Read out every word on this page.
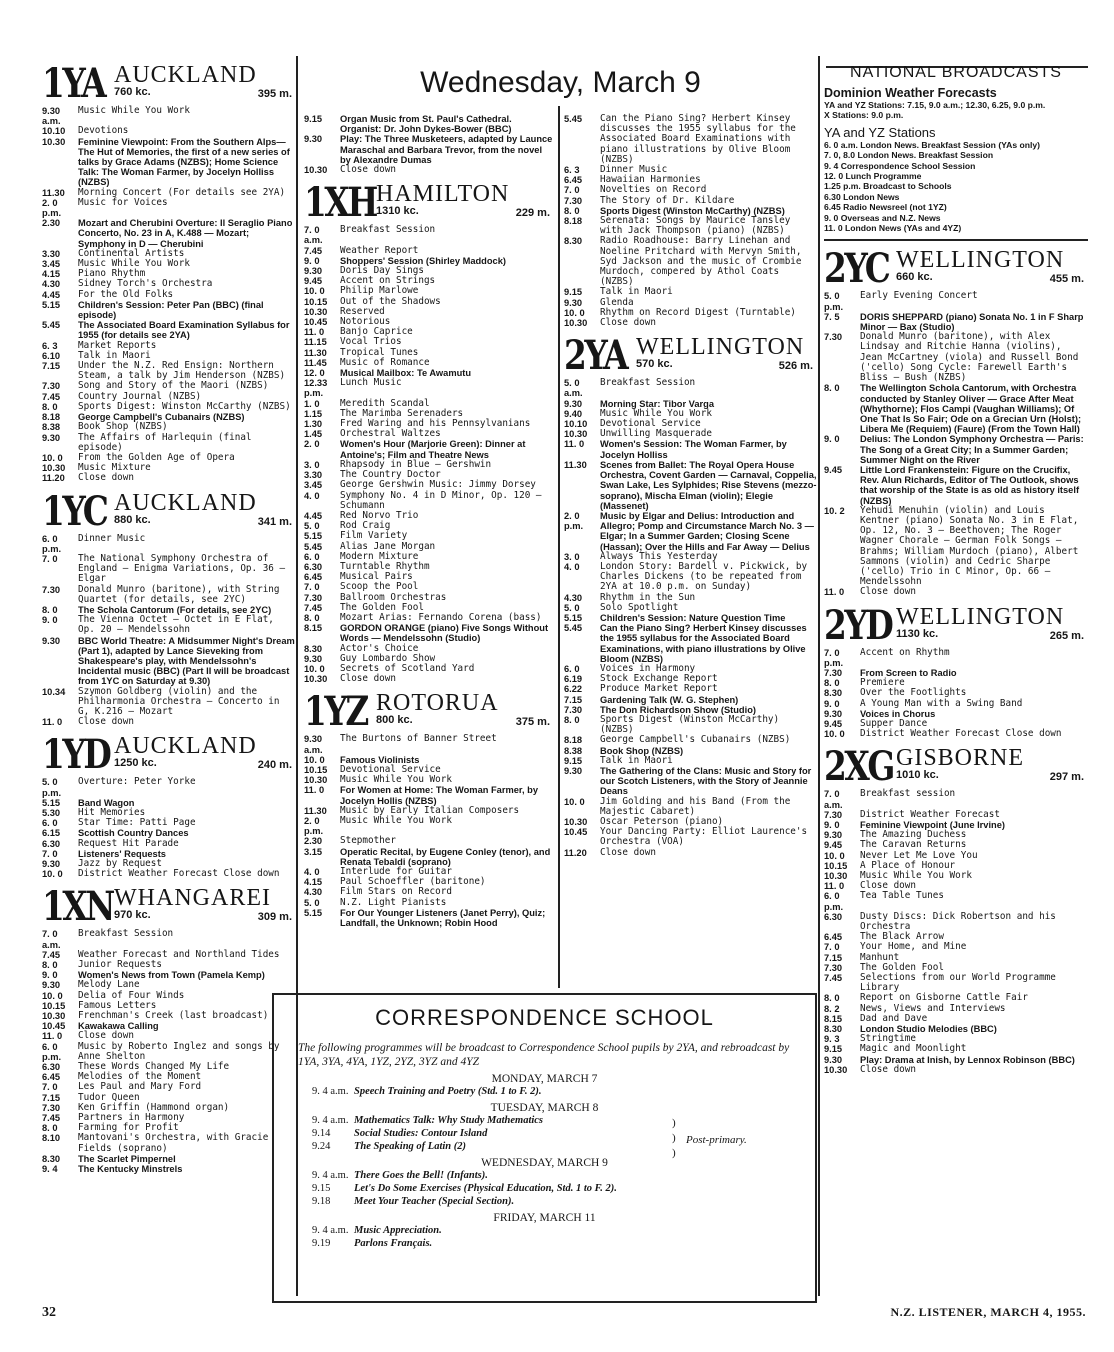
1YA AUCKLAND
760 kc.	395 m.
9.30 a.m.
Music While You Work
10.10	Devotions
10.30	Feminine Viewpoint: From the Southern Alps—The Hut of Memories, the first of a new series of talks by Grace Adams (NZBS); Home Science Talk: The Woman Farmer, by Jocelyn Holliss (NZBS)
11.30	Morning Concert (For details see 2YA)
2. 0 p.m.
Music for Voices
2.30	Mozart and Cherubini Overture: Il Seraglio Piano Concerto, No. 23 in A, K.488 — Mozart; Symphony in D — Cherubini
3.30	Continental Artists
3.45	Music While You Work
4.15	Piano Rhythm
4.30	Sidney Torch's Orchestra
4.45	For the Old Folks
5.15	Children's Session: Peter Pan (BBC) (final episode)
5.45	The Associated Board Examination Syllabus for 1955 (for details see 2YA)
6. 3	Market Reports
6.10	Talk in Maori
7.15	Under the N.Z. Red Ensign: Northern Steam, a talk by Jim Henderson (NZBS)
7.30	Song and Story of the Maori (NZBS)
7.45	Country Journal (NZBS)
8. 0	Sports Digest: Winston McCarthy (NZBS)
8.18	George Campbell's Cubanairs (NZBS)
8.38	Book Shop (NZBS)
9.30	The Affairs of Harlequin (final episode)
10. 0	From the Golden Age of Opera
10.30	Music Mixture
11.20	Close down
1YC AUCKLAND
880 kc.	341 m.
6. 0 p.m.
Dinner Music
7. 0	The National Symphony Orchestra of England — Enigma Variations, Op. 36 — Elgar
7.30	Donald Munro (baritone), with String Quartet (for details, see 2YC)
8. 0	The Schola Cantorum (For details, see 2YC)
9. 0	The Vienna Octet — Octet in E Flat, Op. 20 — Mendelssohn
9.30	BBC World Theatre: A Midsummer Night's Dream (Part 1), adapted by Lance Sieveking from Shakespeare's play, with Mendelssohn's Incidental music (BBC) (Part II will be broadcast from 1YC on Saturday at 9.30)
10.34	Szymon Goldberg (violin) and the Philharmonia Orchestra — Concerto in G, K.216 — Mozart
11. 0	Close down
1YD AUCKLAND
1250 kc.	240 m.
5. 0 p.m.
Overture: Peter Yorke
5.15	Band Wagon
5.30	Hit Memories
6. 0	Star Time: Patti Page
6.15	Scottish Country Dances
6.30	Request Hit Parade
7. 0	Listeners' Requests
9.30	Jazz by Request
10. 0	District Weather Forecast Close down
1XN WHANGAREI
970 kc.	309 m.
7. 0 a.m.
Breakfast Session
7.45	Weather Forecast and Northland Tides
8. 0	Junior Requests
9. 0	Women's News from Town (Pamela Kemp)
9.30	Melody Lane
10. 0	Delia of Four Winds
10.15	Famous Letters
10.30	Frenchman's Creek (last broadcast)
10.45	Kawakawa Calling
11. 0	Close down
6. 0 p.m.
Music by Roberto Inglez and songs by Anne Shelton
6.30	These Words Changed My Life
6.45	Melodies of the Moment
7. 0	Les Paul and Mary Ford
7.15	Tudor Queen
7.30	Ken Griffin (Hammond organ)
7.45	Partners in Harmony
8. 0	Farming for Profit
8.10	Mantovani's Orchestra, with Gracie Fields (soprano)
8.30	The Scarlet Pimpernel
9. 4	The Kentucky Minstrels
Wednesday, March 9
9.15	Organ Music from St. Paul's Cathedral. Organist: Dr. John Dykes-Bower (BBC)
9.30	Play: The Three Musketeers, adapted by Launce Maraschal and Barbara Trevor, from the novel by Alexandre Dumas
10.30	Close down
1XH HAMILTON
1310 kc.	229 m.
7. 0 a.m.
Breakfast Session
7.45	Weather Report
9. 0	Shoppers' Session (Shirley Maddock)
9.30	Doris Day Sings
9.45	Accent on Strings
10. 0	Philip Marlowe
10.15	Out of the Shadows
10.30	Reserved
10.45	Notorious
11. 0	Banjo Caprice
11.15	Vocal Trios
11.30	Tropical Tunes
11.45	Music of Romance
12. 0	Musical Mailbox: Te Awamutu
12.33 p.m.
Lunch Music
1. 0	Meredith Scandal
1.15	The Marimba Serenaders
1.30	Fred Waring and his Pennsylvanians
1.45	Orchestral Waltzes
2. 0	Women's Hour (Marjorie Green): Dinner at Antoine's; Film and Theatre News
3. 0	Rhapsody in Blue — Gershwin
3.30	The Country Doctor
3.45	George Gershwin Music: Jimmy Dorsey
4. 0	Symphony No. 4 in D Minor, Op. 120 — Schumann
4.45	Red Norvo Trio
5. 0	Rod Craig
5.15	Film Variety
5.45	Alias Jane Morgan
6. 0	Modern Mixture
6.30	Turntable Rhythm
6.45	Musical Pairs
7. 0	Scoop the Pool
7.30	Ballroom Orchestras
7.45	The Golden Fool
8. 0	Mozart Arias: Fernando Corena (bass)
8.15	GORDON ORANGE (piano) Five Songs Without Words — Mendelssohn (Studio)
8.30	Actor's Choice
9.30	Guy Lombardo Show
10. 0	Secrets of Scotland Yard
10.30	Close down
1YZ ROTORUA
800 kc.	375 m.
9.30 a.m.
The Burtons of Banner Street
10. 0	Famous Violinists
10.15	Devotional Service
10.30	Music While You Work
11. 0	For Women at Home: The Woman Farmer, by Jocelyn Hollis (NZBS)
11.30	Music by Early Italian Composers
2. 0 p.m.
Music While You Work
2.30	Stepmother
3.15	Operatic Recital, by Eugene Conley (tenor), and Renata Tebaldi (soprano)
4. 0	Interlude for Guitar
4.15	Paul Schoeffler (baritone)
4.30	Film Stars on Record
5. 0	N.Z. Light Pianists
5.15	For Our Younger Listeners (Janet Perry), Quiz; Landfall, the Unknown; Robin Hood
5.45	Can the Piano Sing? Herbert Kinsey discusses the 1955 syllabus for the Associated Board Examinations with piano illustrations by Olive Bloom (NZBS)
6. 3	Dinner Music
6.45	Hawaiian Harmonies
7. 0	Novelties on Record
7.30	The Story of Dr. Kildare
8. 0	Sports Digest (Winston McCarthy) (NZBS)
8.18	Serenata: Songs by Maurice Tansley with Jack Thompson (piano) (NZBS)
8.30	Radio Roadhouse: Barry Linehan and Noeline Pritchard with Mervyn Smith, Syd Jackson and the music of Crombie Murdoch, compered by Athol Coats (NZBS)
9.15	Talk in Maori
9.30	Glenda
10. 0	Rhythm on Record Digest (Turntable)
10.30	Close down
2YA WELLINGTON
570 kc.	526 m.
5. 0 a.m.
Breakfast Session
9.30	Morning Star: Tibor Varga
9.40	Music While You Work
10.10	Devotional Service
10.30	Unwilling Masquerade
11. 0	Women's Session: The Woman Farmer, by Jocelyn Holliss
11.30	Scenes from Ballet: The Royal Opera House Orchestra, Covent Garden — Carnaval, Coppelia, Swan Lake, Les Sylphides; Rise Stevens (mezzo-soprano), Mischa Elman (violin); Elegie (Massenet)
2. 0 p.m.
Music by Elgar and Delius: Introduction and Allegro; Pomp and Circumstance March No. 3 — Elgar; In a Summer Garden; Closing Scene (Hassan); Over the Hills and Far Away — Delius
3. 0	Always This Yesterday
4. 0	London Story: Bardell v. Pickwick, by Charles Dickens (to be repeated from 2YA at 10.0 p.m. on Sunday)
4.30	Rhythm in the Sun
5. 0	Solo Spotlight
5.15	Children's Session: Nature Question Time
5.45	Can the Piano Sing? Herbert Kinsey discusses the 1955 syllabus for the Associated Board Examinations, with piano illustrations by Olive Bloom (NZBS)
6. 0	Voices in Harmony
6.19	Stock Exchange Report
6.22	Produce Market Report
7.15	Gardening Talk (W. G. Stephen)
7.30	The Don Richardson Show (Studio)
8. 0	Sports Digest (Winston McCarthy) (NZBS)
8.18	George Campbell's Cubanairs (NZBS)
8.38	Book Shop (NZBS)
9.15	Talk in Maori
9.30	The Gathering of the Clans: Music and Story for our Scotch Listeners, with the Story of Jeannie Deans
10. 0	Jim Golding and his Band (From the Majestic Cabaret)
10.30	Oscar Peterson (piano)
10.45	Your Dancing Party: Elliot Laurence's Orchestra (VOA)
11.20	Close down
NATIONAL BROADCASTS
Dominion Weather Forecasts
YA and YZ Stations: 7.15, 9.0 a.m.; 12.30, 6.25, 9.0 p.m.
X Stations: 9.0 p.m.
YA and YZ Stations
6. 0 a.m. London News. Breakfast Session (YAs only)
7. 0, 8.0 London News. Breakfast Session
9. 4 Correspondence School Session
12. 0 Lunch Programme
1.25 p.m. Broadcast to Schools
6.30 London News
6.45 Radio Newsreel (not 1YZ)
9. 0 Overseas and N.Z. News
11. 0 London News (YAs and 4YZ)
2YC WELLINGTON
660 kc.	455 m.
5. 0 p.m.
Early Evening Concert
7. 5	DORIS SHEPPARD (piano) Sonata No. 1 in F Sharp Minor — Bax (Studio)
7.30	Donald Munro (baritone), with Alex Lindsay and Ritchie Hanna (violins), Jean McCartney (viola) and Russell Bond ('cello) Song Cycle: Farewell Earth's Bliss — Bush (NZBS)
8. 0	The Wellington Schola Cantorum, with Orchestra conducted by Stanley Oliver — Grace After Meat (Whythorne); Flos Campi (Vaughan Williams); Of One That Is So Fair; Ode on a Grecian Urn (Holst); Libera Me (Requiem) (Faure) (From the Town Hall)
9. 0	Delius: The London Symphony Orchestra — Paris: The Song of a Great City; In a Summer Garden; Summer Night on the River
9.45	Little Lord Frankenstein: Figure on the Crucifix, Rev. Alun Richards, Editor of The Outlook, shows that worship of the State is as old as history itself (NZBS)
10. 2	Yehudi Menuhin (violin) and Louis Kentner (piano) Sonata No. 3 in E Flat, Op. 12, No. 3 — Beethoven; The Roger Wagner Chorale — German Folk Songs — Brahms; William Murdoch (piano), Albert Sammons (violin) and Cedric Sharpe ('cello) Trio in C Minor, Op. 66 — Mendelssohn
11. 0	Close down
2YD WELLINGTON
1130 kc.	265 m.
7. 0 p.m.
Accent on Rhythm
7.30	From Screen to Radio
8. 0	Premiere
8.30	Over the Footlights
9. 0	A Young Man with a Swing Band
9.30	Voices in Chorus
9.45	Supper Dance
10. 0	District Weather Forecast Close down
2XG GISBORNE
1010 kc.	297 m.
7. 0 a.m.
Breakfast session
7.30	District Weather Forecast
9. 0	Feminine Viewpoint (June Irvine)
9.30	The Amazing Duchess
9.45	The Caravan Returns
10. 0	Never Let Me Love You
10.15	A Place of Honour
10.30	Music While You Work
11. 0	Close down
6. 0 p.m.
Tea Table Tunes
6.30	Dusty Discs: Dick Robertson and his Orchestra
6.45	The Black Arrow
7. 0	Your Home, and Mine
7.15	Manhunt
7.30	The Golden Fool
7.45	Selections from our World Programme Library
8. 0	Report on Gisborne Cattle Fair
8. 2	News, Views and Interviews
8.15	Dad and Dave
8.30	London Studio Melodies (BBC)
9. 3	Stringtime
9.15	Magic and Moonlight
9.30	Play: Drama at Inish, by Lennox Robinson (BBC)
10.30	Close down
CORRESPONDENCE SCHOOL
The following programmes will be broadcast to Correspondence School pupils by 2YA, and rebroadcast by 1YA, 3YA, 4YA, 1YZ, 2YZ, 3YZ and 4YZ
MONDAY, MARCH 7
9. 4 a.m. Speech Training and Poetry (Std. 1 to F. 2).
TUESDAY, MARCH 8
9. 4 a.m. Mathematics Talk: Why Study Mathematics
9.14	Social Studies: Contour Island
9.24	The Speaking of Latin (2)
WEDNESDAY, MARCH 9
9. 4 a.m. There Goes the Bell! (Infants).
9.15	Let's Do Some Exercises (Physical Education, Std. 1 to F. 2).
9.18	Meet Your Teacher (Special Section).
FRIDAY, MARCH 11
9. 4 a.m. Music Appreciation.
9.19	Parlons Français.
Post-primary.
)
)
)
32	N.Z. LISTENER, MARCH 4, 1955.
